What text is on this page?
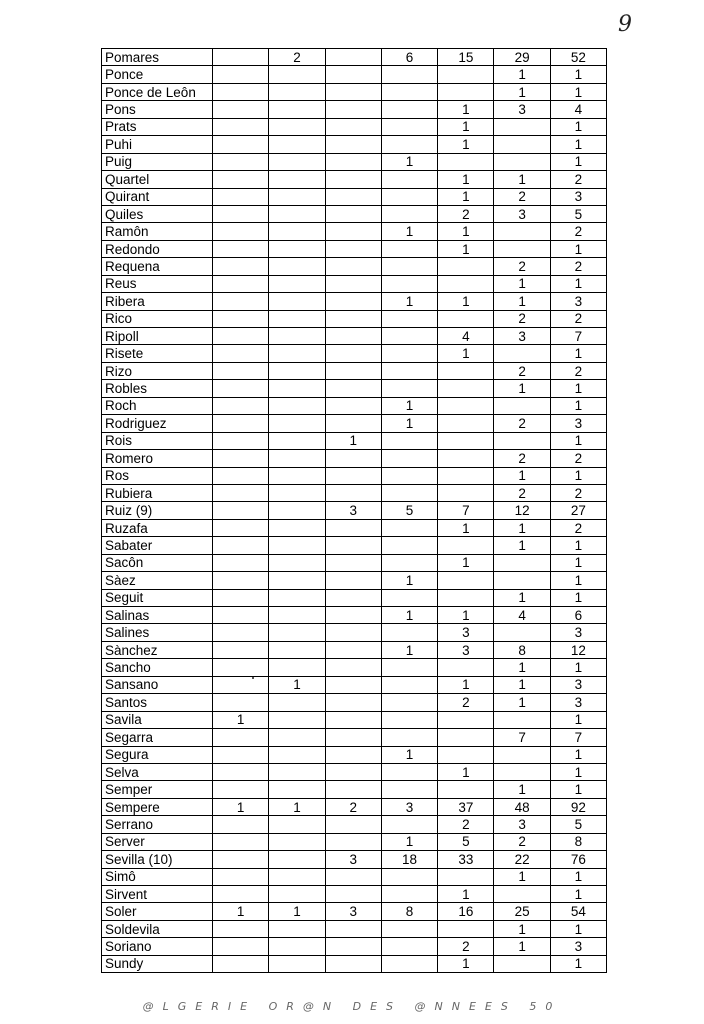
9
Pomares		2		6	15	29	52
Ponce						1	1
Ponce de Leôn						1	1
Pons					1	3	4
Prats					1		1
Puhi					1		1
Puig				1			1
Quartel					1	1	2
Quirant					1	2	3
Quiles					2	3	5
Ramôn				1	1		2
Redondo					1		1
Requena						2	2
Reus						1	1
Ribera				1	1	1	3
Rico						2	2
Ripoll					4	3	7
Risete					1		1
Rizo						2	2
Robles						1	1
Roch				1			1
Rodriguez				1		2	3
Rois			1				1
Romero						2	2
Ros						1	1
Rubiera						2	2
Ruiz (9)			3	5	7	12	27
Ruzafa					1	1	2
Sabater						1	1
Sacôn					1		1
Sàez				1			1
Seguit						1	1
Salinas				1	1	4	6
Salines					3		3
Sànchez				1	3	8	12
Sancho						1	1
Sansano		1			1	1	3
Santos					2	1	3
Savila	1						1
Segarra						7	7
Segura				1			1
Selva					1		1
Semper						1	1
Sempere	1	1	2	3	37	48	92
Serrano					2	3	5
Server				1	5	2	8
Sevilla (10)			3	18	33	22	76
Simô						1	1
Sirvent					1		1
Soler	1	1	3	8	16	25	54
Soldevila						1	1
Soriano					2	1	3
Sundy					1		1
@LGERIE OR@N DES @NNEES 50
